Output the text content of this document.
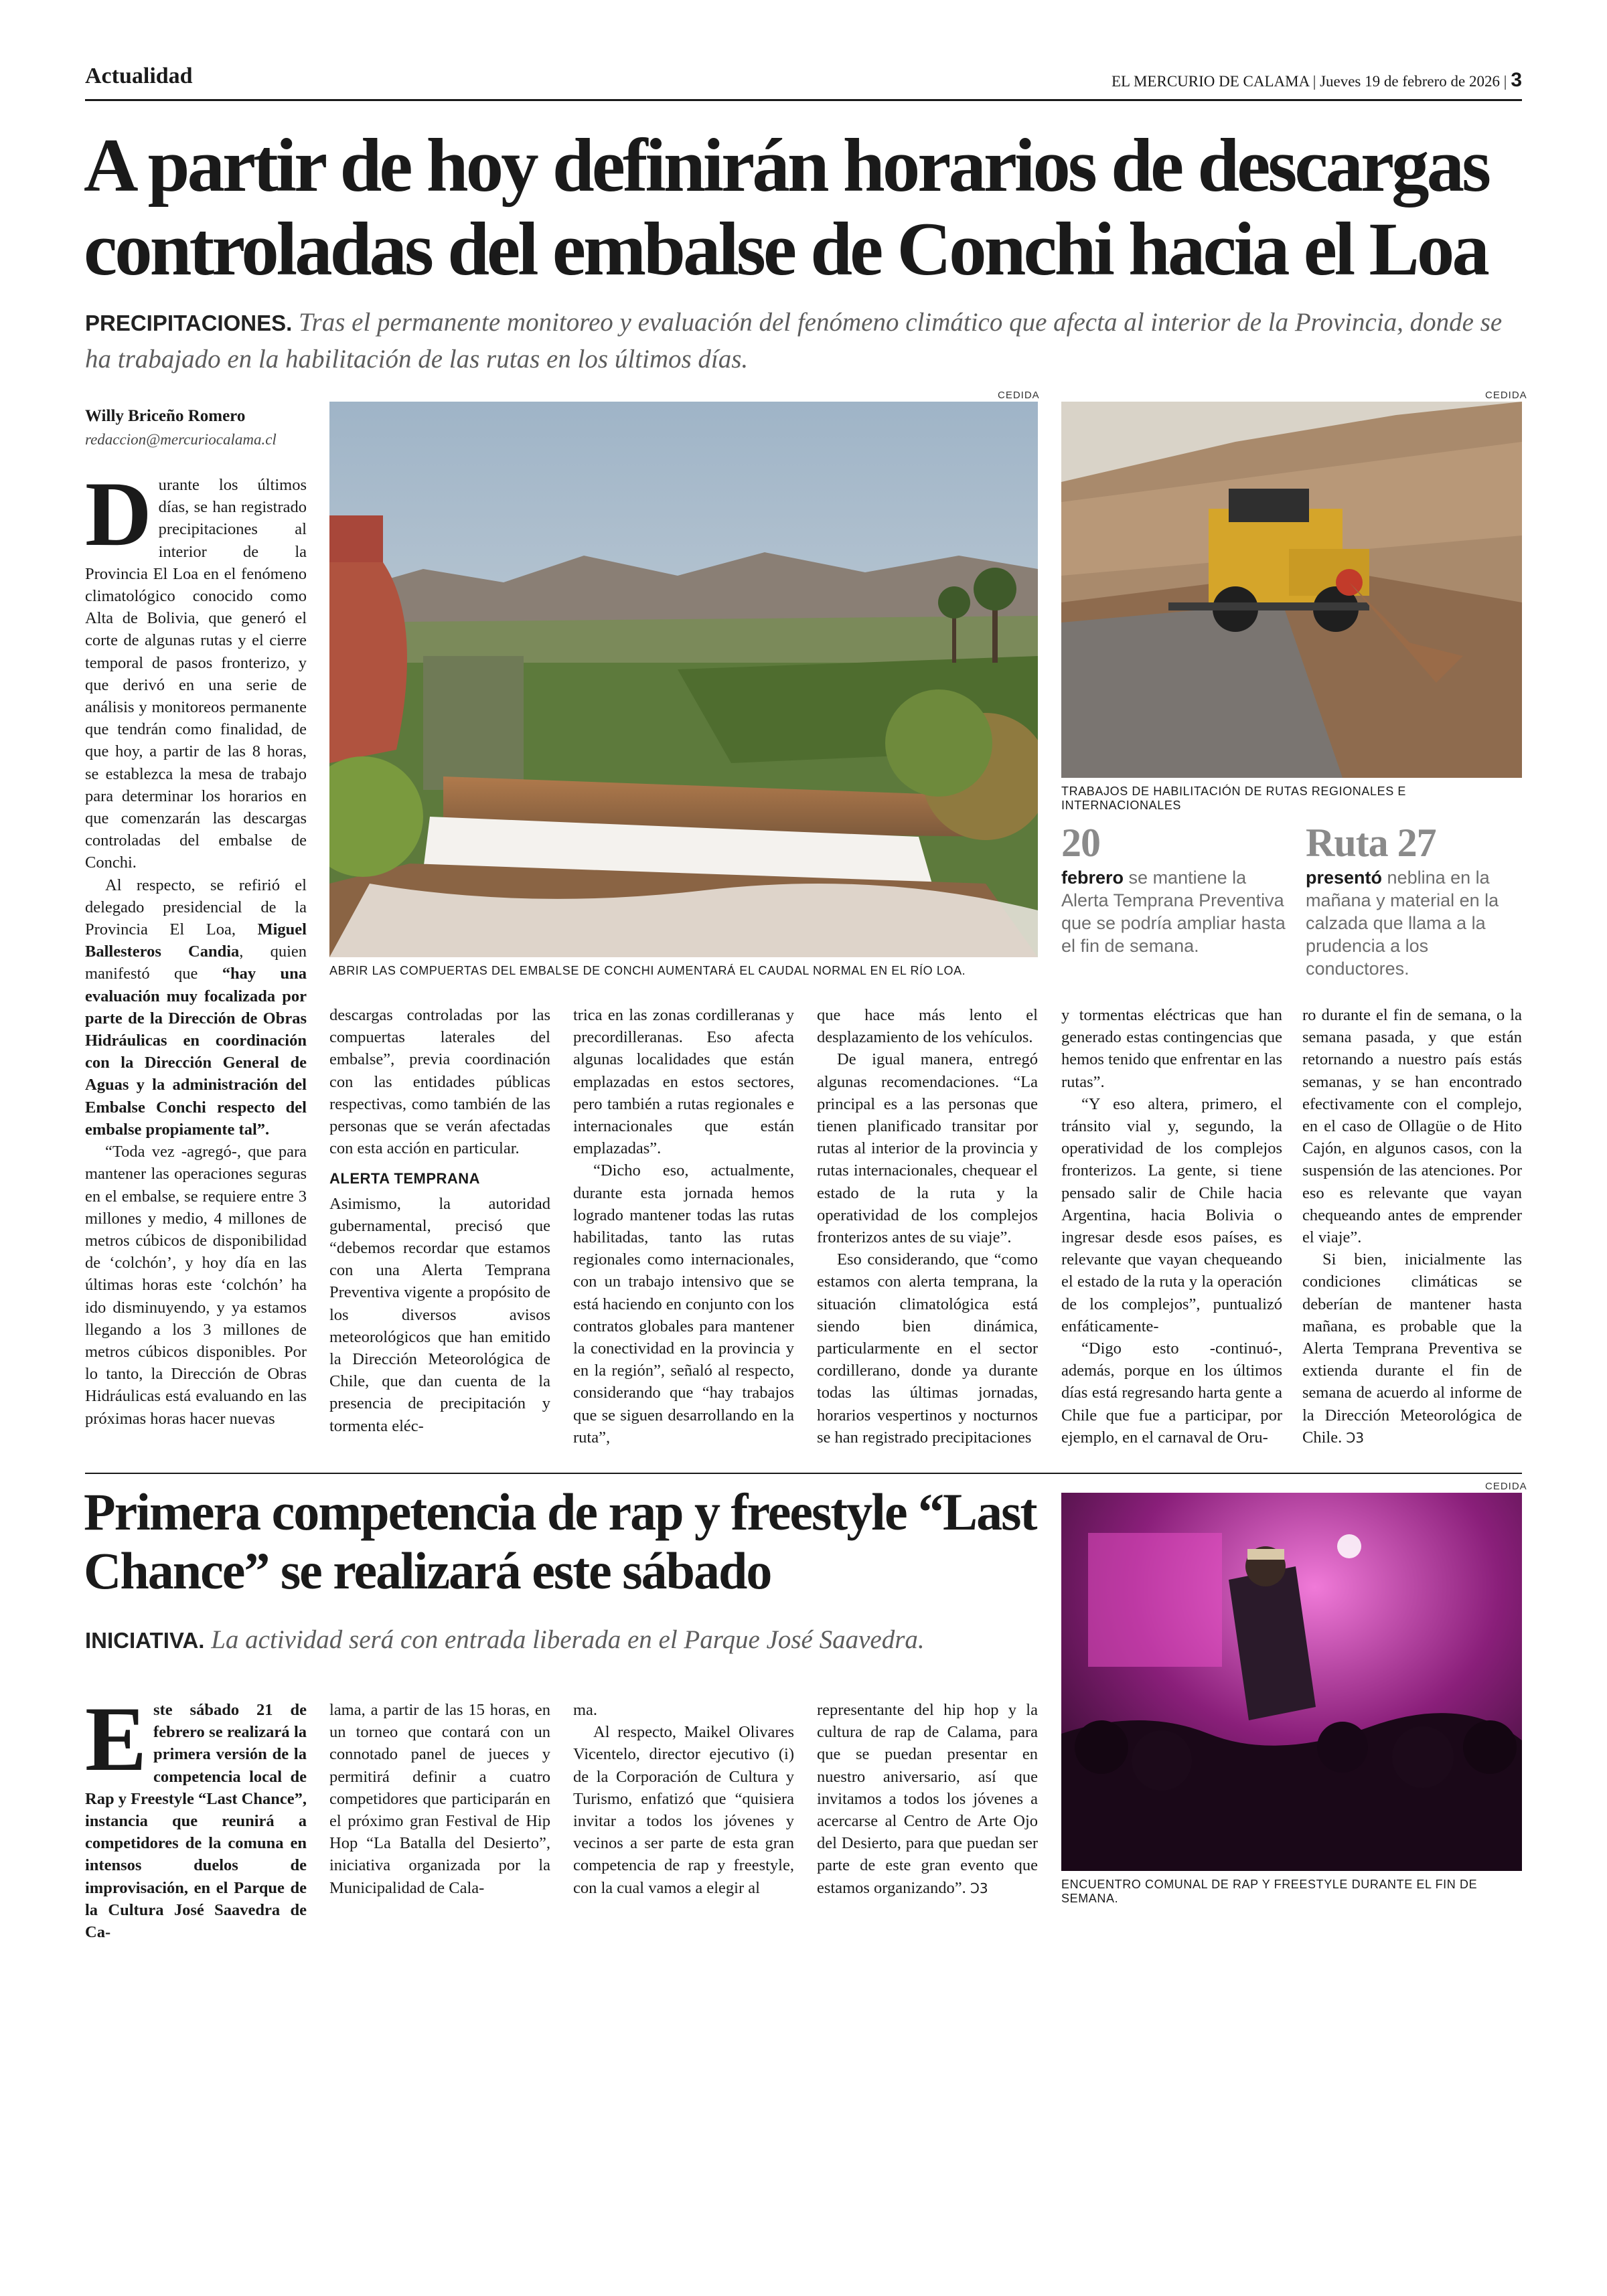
Actualidad	EL MERCURIO DE CALAMA | Jueves 19 de febrero de 2026 | 3
A partir de hoy definirán horarios de descargas controladas del embalse de Conchi hacia el Loa
PRECIPITACIONES. Tras el permanente monitoreo y evaluación del fenómeno climático que afecta al interior de la Provincia, donde se ha trabajado en la habilitación de las rutas en los últimos días.
Willy Briceño Romero
redaccion@mercuriocalama.cl
CEDIDA
ABRIR LAS COMPUERTAS DEL EMBALSE DE CONCHI AUMENTARÁ EL CAUDAL NORMAL EN EL RÍO LOA.
CEDIDA
TRABAJOS DE HABILITACIÓN DE RUTAS REGIONALES E INTERNACIONALES
20
febrero se mantiene la Alerta Temprana Preventiva que se podría ampliar hasta el fin de semana.
Ruta 27
presentó neblina en la mañana y material en la calzada que llama a la prudencia a los conductores.

Durante los últimos días, se han registrado precipitaciones al interior de la Provincia El Loa en el fenómeno climatológico conocido como Alta de Bolivia, que generó el corte de algunas rutas y el cierre temporal de pasos fronterizo, y que derivó en una serie de análisis y monitoreos permanente que tendrán como finalidad, de que hoy, a partir de las 8 horas, se establezca la mesa de trabajo para determinar los horarios en que comenzarán las descargas controladas del embalse de Conchi.

Al respecto, se refirió el delegado presidencial de la Provincia El Loa, Miguel Ballesteros Candia, quien manifestó que “hay una evaluación muy focalizada por parte de la Dirección de Obras Hidráulicas en coordinación con la Dirección General de Aguas y la administración del Embalse Conchi respecto del embalse propiamente tal”.

“Toda vez -agregó-, que para mantener las operaciones seguras en el embalse, se requiere entre 3 millones y medio, 4 millones de metros cúbicos de disponibilidad de ‘colchón’, y hoy día en las últimas horas este ‘colchón’ ha ido disminuyendo, y ya estamos llegando a los 3 millones de metros cúbicos disponibles. Por lo tanto, la Dirección de Obras Hidráulicas está evaluando en las próximas horas hacer nuevas

descargas controladas por las compuertas laterales del embalse”, previa coordinación con las entidades públicas respectivas, como también de las personas que se verán afectadas con esta acción en particular.

ALERTA TEMPRANA

Asimismo, la autoridad gubernamental, precisó que “debemos recordar que estamos con una Alerta Temprana Preventiva vigente a propósito de los diversos avisos meteorológicos que han emitido la Dirección Meteorológica de Chile, que dan cuenta de la presencia de precipitación y tormenta eléc-

trica en las zonas cordilleranas y precordilleranas. Eso afecta algunas localidades que están emplazadas en estos sectores, pero también a rutas regionales e internacionales que están emplazadas”.

“Dicho eso, actualmente, durante esta jornada hemos logrado mantener todas las rutas habilitadas, tanto las rutas regionales como internacionales, con un trabajo intensivo que se está haciendo en conjunto con los contratos globales para mantener la conectividad en la provincia y en la región”, señaló al respecto, considerando que “hay trabajos que se siguen desarrollando en la ruta”,

que hace más lento el desplazamiento de los vehículos.

De igual manera, entregó algunas recomendaciones. “La principal es a las personas que tienen planificado transitar por rutas al interior de la provincia y rutas internacionales, chequear el estado de la ruta y la operatividad de los complejos fronterizos antes de su viaje”.

Eso considerando, que “como estamos con alerta temprana, la situación climatológica está siendo bien dinámica, particularmente en el sector cordillerano, donde ya durante todas las últimas jornadas, horarios vespertinos y nocturnos se han registrado precipitaciones

y tormentas eléctricas que han generado estas contingencias que hemos tenido que enfrentar en las rutas”.

“Y eso altera, primero, el tránsito vial y, segundo, la operatividad de los complejos fronterizos. La gente, si tiene pensado salir de Chile hacia Argentina, hacia Bolivia o ingresar desde esos países, es relevante que vayan chequeando el estado de la ruta y la operación de los complejos”, puntualizó enfáticamente-

“Digo esto -continuó-, además, porque en los últimos días está regresando harta gente a Chile que fue a participar, por ejemplo, en el carnaval de Oru-

ro durante el fin de semana, o la semana pasada, y que están retornando a nuestro país estás semanas, y se han encontrado efectivamente con el complejo, en el caso de Ollagüe o de Hito Cajón, en algunos casos, con la suspensión de las atenciones. Por eso es relevante que vayan chequeando antes de emprender el viaje”.

Si bien, inicialmente las condiciones climáticas se deberían de mantener hasta mañana, es probable que la Alerta Temprana Preventiva se extienda durante el fin de semana de acuerdo al informe de la Dirección Meteorológica de Chile. Ↄ3

Primera competencia de rap y freestyle “Last Chance” se realizará este sábado
INICIATIVA. La actividad será con entrada liberada en el Parque José Saavedra.
CEDIDA
ENCUENTRO COMUNAL DE RAP Y FREESTYLE DURANTE EL FIN DE SEMANA.

Este sábado 21 de febrero se realizará la primera versión de la competencia local de Rap y Freestyle “Last Chance”, instancia que reunirá a competidores de la comuna en intensos duelos de improvisación, en el Parque de la Cultura José Saavedra de Ca-

lama, a partir de las 15 horas, en un torneo que contará con un connotado panel de jueces y permitirá definir a cuatro competidores que participarán en el próximo gran Festival de Hip Hop “La Batalla del Desierto”, iniciativa organizada por la Municipalidad de Cala-

ma.

Al respecto, Maikel Olivares Vicentelo, director ejecutivo (i) de la Corporación de Cultura y Turismo, enfatizó que “quisiera invitar a todos los jóvenes y vecinos a ser parte de esta gran competencia de rap y freestyle, con la cual vamos a elegir al

representante del hip hop y la cultura de rap de Calama, para que se puedan presentar en nuestro aniversario, así que invitamos a todos los jóvenes a acercarse al Centro de Arte Ojo del Desierto, para que puedan ser parte de este gran evento que estamos organizando”. Ↄ3
